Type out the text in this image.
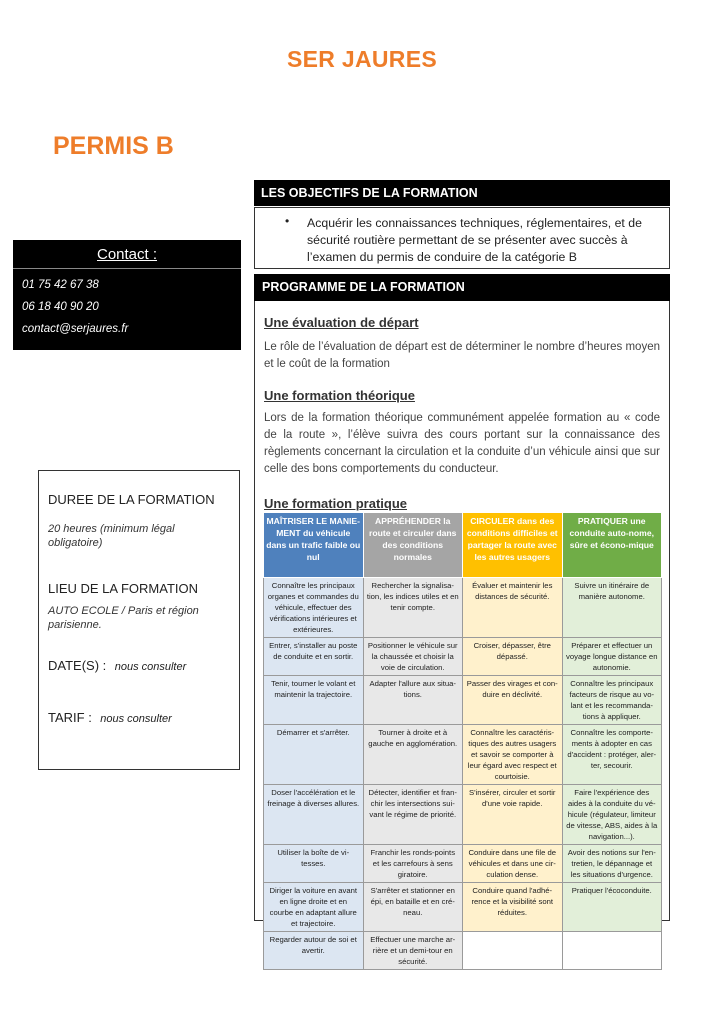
SER JAURES
PERMIS B
Contact :
01 75 42 67 38
06 18 40 90 20
contact@serjaures.fr
DUREE DE LA FORMATION
20 heures (minimum légal obligatoire)
LIEU DE LA FORMATION
AUTO ECOLE / Paris et région parisienne.
DATE(S) : nous consulter
TARIF : nous consulter
LES OBJECTIFS DE LA FORMATION
• Acquérir les connaissances techniques, réglementaires, et de sécurité routière permettant de se présenter avec succès à l’examen du permis de conduire de la catégorie B
PROGRAMME DE LA FORMATION
Une évaluation de départ
Le rôle de l’évaluation de départ est de déterminer le nombre d’heures moyen et le coût de la formation
Une formation théorique
Lors de la formation théorique communément appelée formation au « code de la route », l’élève suivra des cours portant sur la connaissance des règlements concernant la circulation et la conduite d’un véhicule ainsi que sur celle des bons comportements du conducteur.
Une formation pratique
MAÎTRISER LE MANIE-MENT du véhicule dans un trafic faible ou nul	APPRÉHENDER la route et circuler dans des conditions normales	CIRCULER dans des conditions difficiles et partager la route avec les autres usagers	PRATIQUER une conduite auto-nome, sûre et écono-mique
Connaître les principaux organes et commandes du véhicule, effectuer des vérifications intérieures et extérieures.	Rechercher la signalisa-tion, les indices utiles et en tenir compte.	Évaluer et maintenir les distances de sécurité.	Suivre un itinéraire de manière autonome.
Entrer, s'installer au poste de conduite et en sortir.	Positionner le véhicule sur la chaussée et choisir la voie de circulation.	Croiser, dépasser, être dépassé.	Préparer et effectuer un voyage longue distance en autonomie.
Tenir, tourner le volant et maintenir la trajectoire.	Adapter l'allure aux situa-tions.	Passer des virages et con-duire en déclivité.	Connaître les principaux facteurs de risque au vo-lant et les recommanda-tions à appliquer.
Démarrer et s'arrêter.	Tourner à droite et à gauche en agglomération.	Connaître les caractéris-tiques des autres usagers et savoir se comporter à leur égard avec respect et courtoisie.	Connaître les comporte-ments à adopter en cas d'accident : protéger, aler-ter, secourir.
Doser l'accélération et le freinage à diverses allures.	Détecter, identifier et fran-chir les intersections sui-vant le régime de priorité.	S'insérer, circuler et sortir d'une voie rapide.	Faire l'expérience des aides à la conduite du vé-hicule (régulateur, limiteur de vitesse, ABS, aides à la navigation...).
Utiliser la boîte de vi-tesses.	Franchir les ronds-points et les carrefours à sens giratoire.	Conduire dans une file de véhicules et dans une cir-culation dense.	Avoir des notions sur l'en-tretien, le dépannage et les situations d'urgence.
Diriger la voiture en avant en ligne droite et en courbe en adaptant allure et trajectoire.	S'arrêter et stationner en épi, en bataille et en cré-neau.	Conduire quand l'adhé-rence et la visibilité sont réduites.	Pratiquer l'écoconduite.
Regarder autour de soi et avertir.	Effectuer une marche ar-rière et un demi-tour en sécurité.		
